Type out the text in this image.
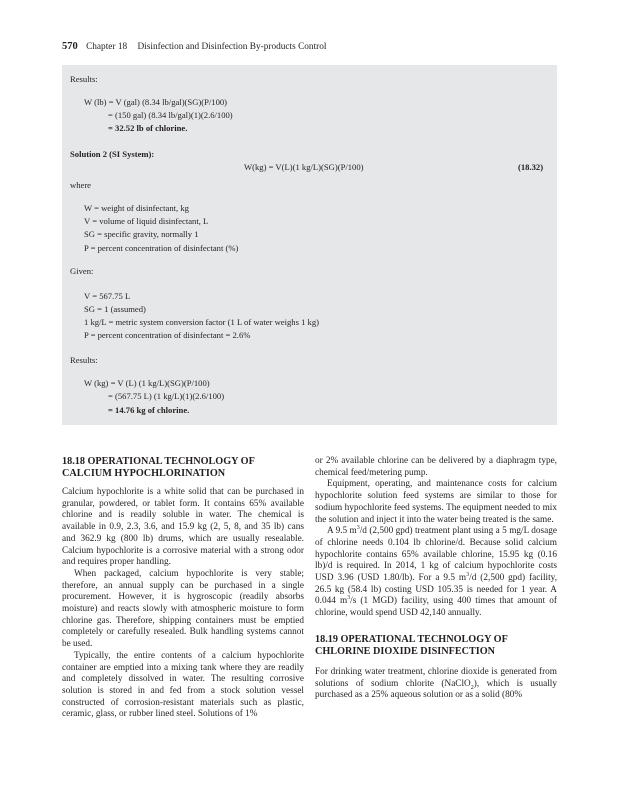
570 Chapter 18 Disinfection and Disinfection By-products Control
Results:
W (lb) = V (gal) (8.34 lb/gal)(SG)(P/100)
= (150 gal) (8.34 lb/gal)(1)(2.6/100)
= 32.52 lb of chlorine.
Solution 2 (SI System):
W(kg) = V(L)(1 kg/L)(SG)(P/100)	(18.32)
where
W = weight of disinfectant, kg
V = volume of liquid disinfectant, L
SG = specific gravity, normally 1
P = percent concentration of disinfectant (%)
Given:
V = 567.75 L
SG = 1 (assumed)
1 kg/L = metric system conversion factor (1 L of water weighs 1 kg)
P = percent concentration of disinfectant = 2.6%
Results:
W (kg) = V (L) (1 kg/L)(SG)(P/100)
= (567.75 L) (1 kg/L)(1)(2.6/100)
= 14.76 kg of chlorine.
18.18 OPERATIONAL TECHNOLOGY OF CALCIUM HYPOCHLORINATION

Calcium hypochlorite is a white solid that can be purchased in granular, powdered, or tablet form. It contains 65% available chlorine and is readily soluble in water. The chemical is available in 0.9, 2.3, 3.6, and 15.9 kg (2, 5, 8, and 35 lb) cans and 362.9 kg (800 lb) drums, which are usually resealable. Calcium hypochlorite is a corrosive material with a strong odor and requires proper handling.

When packaged, calcium hypochlorite is very stable; therefore, an annual supply can be purchased in a single procurement. However, it is hygroscopic (readily absorbs moisture) and reacts slowly with atmospheric moisture to form chlorine gas. Therefore, shipping containers must be emptied completely or carefully resealed. Bulk handling systems cannot be used.

Typically, the entire contents of a calcium hypochlorite container are emptied into a mixing tank where they are readily and completely dissolved in water. The resulting corrosive solution is stored in and fed from a stock solution vessel constructed of corrosion-resistant materials such as plastic, ceramic, glass, or rubber lined steel. Solutions of 1%

or 2% available chlorine can be delivered by a diaphragm type, chemical feed/metering pump.

Equipment, operating, and maintenance costs for calcium hypochlorite solution feed systems are similar to those for sodium hypochlorite feed systems. The equipment needed to mix the solution and inject it into the water being treated is the same.

A 9.5 $m^3/d$ (2,500 gpd) treatment plant using a 5 mg/L dosage of chlorine needs 0.104 lb chlorine/d. Because solid calcium hypochlorite contains 65% available chlorine, 15.95 kg (0.16 lb)/d is required. In 2014, 1 kg of calcium hypochlorite costs USD 3.96 (USD 1.80/lb). For a 9.5 $m^3/d$ (2,500 gpd) facility, 26.5 kg (58.4 lb) costing USD 105.35 is needed for 1 year. A 0.044 $m^3/s$ (1 MGD) facility, using 400 times that amount of chlorine, would spend USD 42,140 annually.

18.19 OPERATIONAL TECHNOLOGY OF CHLORINE DIOXIDE DISINFECTION

For drinking water treatment, chlorine dioxide is generated from solutions of sodium chlorite (NaClO$_2$), which is usually purchased as a 25% aqueous solution or as a solid (80%
